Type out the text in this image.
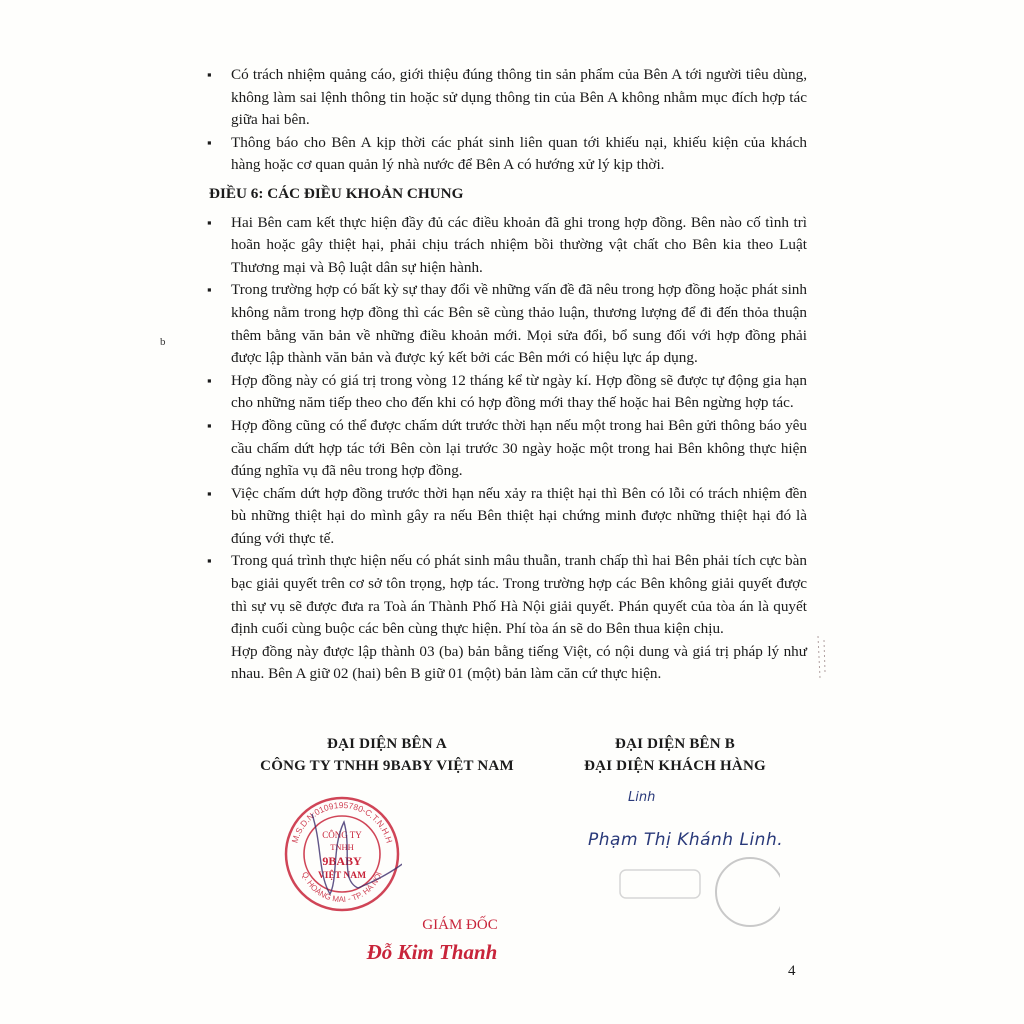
b

▪ Có trách nhiệm quảng cáo, giới thiệu đúng thông tin sản phẩm của Bên A tới người tiêu dùng, không làm sai lệnh thông tin hoặc sử dụng thông tin của Bên A không nhằm mục đích hợp tác giữa hai bên.

▪ Thông báo cho Bên A kịp thời các phát sinh liên quan tới khiếu nại, khiếu kiện của khách hàng hoặc cơ quan quản lý nhà nước để Bên A có hướng xử lý kịp thời.

ĐIỀU 6: CÁC ĐIỀU KHOẢN CHUNG

▪ Hai Bên cam kết thực hiện đầy đủ các điều khoản đã ghi trong hợp đồng. Bên nào cố tình trì hoãn hoặc gây thiệt hại, phải chịu trách nhiệm bồi thường vật chất cho Bên kia theo Luật Thương mại và Bộ luật dân sự hiện hành.

▪ Trong trường hợp có bất kỳ sự thay đổi về những vấn đề đã nêu trong hợp đồng hoặc phát sinh không nằm trong hợp đồng thì các Bên sẽ cùng thảo luận, thương lượng để đi đến thỏa thuận thêm bằng văn bản về những điều khoản mới. Mọi sửa đổi, bổ sung đối với hợp đồng phải được lập thành văn bản và được ký kết bởi các Bên mới có hiệu lực áp dụng.

▪ Hợp đồng này có giá trị trong vòng 12 tháng kể từ ngày kí. Hợp đồng sẽ được tự động gia hạn cho những năm tiếp theo cho đến khi có hợp đồng mới thay thế hoặc hai Bên ngừng hợp tác.

▪ Hợp đồng cũng có thể được chấm dứt trước thời hạn nếu một trong hai Bên gửi thông báo yêu cầu chấm dứt hợp tác tới Bên còn lại trước 30 ngày hoặc một trong hai Bên không thực hiện đúng nghĩa vụ đã nêu trong hợp đồng.

▪ Việc chấm dứt hợp đồng trước thời hạn nếu xảy ra thiệt hại thì Bên có lỗi có trách nhiệm đền bù những thiệt hại do mình gây ra nếu Bên thiệt hại chứng minh được những thiệt hại đó là đúng với thực tế.

▪ Trong quá trình thực hiện nếu có phát sinh mâu thuẫn, tranh chấp thì hai Bên phải tích cực bàn bạc giải quyết trên cơ sở tôn trọng, hợp tác. Trong trường hợp các Bên không giải quyết được thì sự vụ sẽ được đưa ra Toà án Thành Phố Hà Nội giải quyết. Phán quyết của tòa án là quyết định cuối cùng buộc các bên cùng thực hiện. Phí tòa án sẽ do Bên thua kiện chịu.

Hợp đồng này được lập thành 03 (ba) bản bằng tiếng Việt, có nội dung và giá trị pháp lý như nhau. Bên A giữ 02 (hai) bên B giữ 01 (một) bản làm căn cứ thực hiện.

ĐẠI DIỆN BÊN A
CÔNG TY TNHH 9BABY VIỆT NAM
ĐẠI DIỆN BÊN B
ĐẠI DIỆN KHÁCH HÀNG
M.S.D.N:0109195780-C.T.N.H.H
Q. HOÀNG MAI - TP. HÀ NỘI
CÔNG TY
TNHH
9BABY
VIỆT NAM
GIÁM ĐỐC
Đỗ Kim Thanh
Linh
Phạm Thị Khánh Linh.
4
